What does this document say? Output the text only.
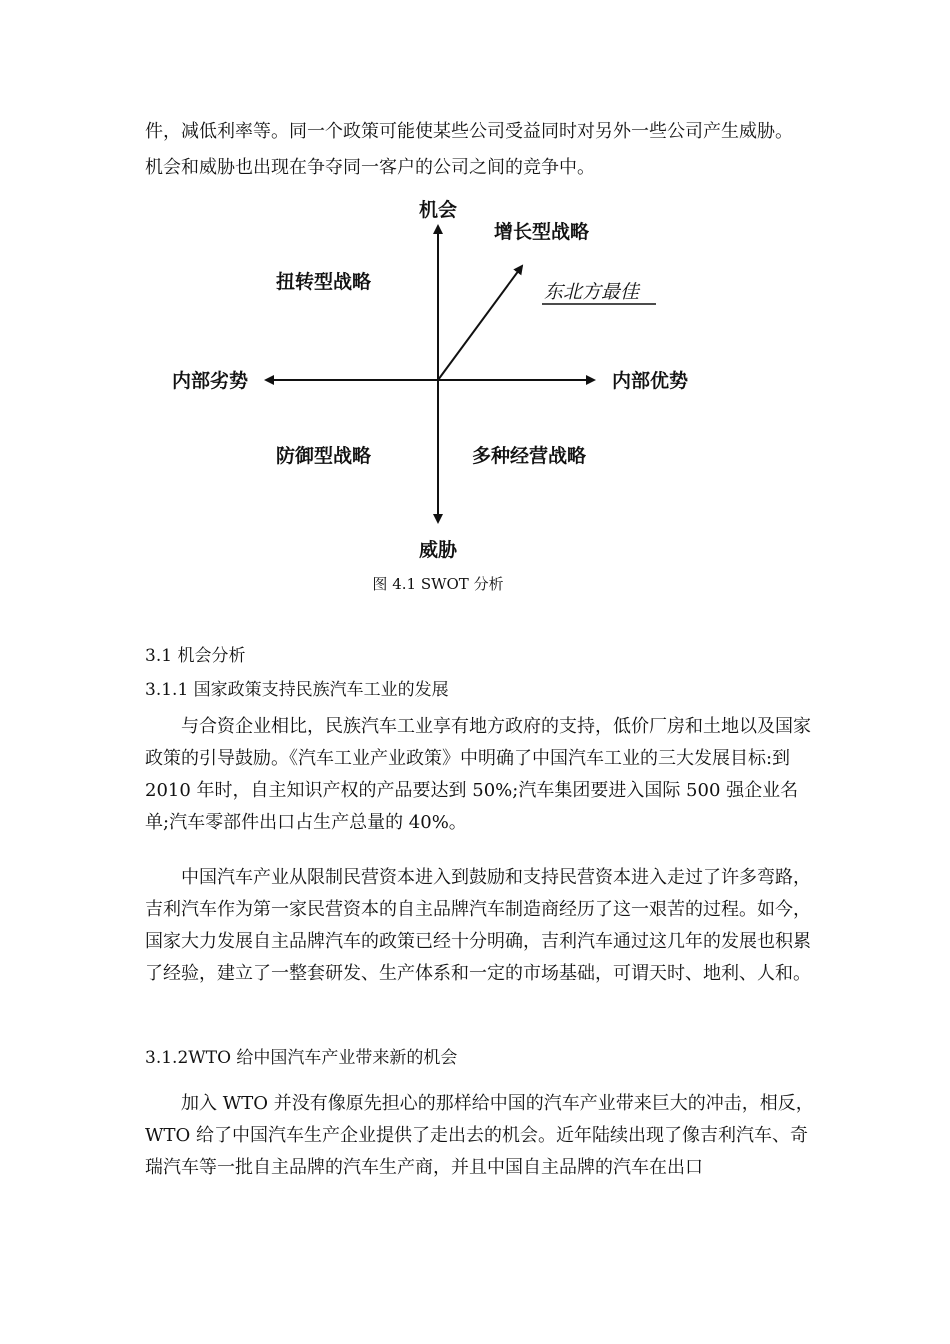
件，减低利率等。同一个政策可能使某些公司受益同时对另外一些公司产生威胁。

机会和威胁也出现在争夺同一客户的公司之间的竞争中。

机会
威胁
内部劣势	内部优势
扭转型战略
增长型战略
防御型战略	多种经营战略
东北方最佳
图 4.1 SWOT 分析

3.1 机会分析

3.1.1 国家政策支持民族汽车工业的发展

与合资企业相比，民族汽车工业享有地方政府的支持，低价厂房和土地以及国家政策的引导鼓励。《汽车工业产业政策》中明确了中国汽车工业的三大发展目标:到 2010 年时，自主知识产权的产品要达到 50%;汽车集团要进入国际 500 强企业名单;汽车零部件出口占生产总量的 40%。

中国汽车产业从限制民营资本进入到鼓励和支持民营资本进入走过了许多弯路，吉利汽车作为第一家民营资本的自主品牌汽车制造商经历了这一艰苦的过程。如今，国家大力发展自主品牌汽车的政策已经十分明确，吉利汽车通过这几年的发展也积累了经验，建立了一整套研发、生产体系和一定的市场基础，可谓天时、地利、人和。

3.1.2WTO 给中国汽车产业带来新的机会

加入 WTO 并没有像原先担心的那样给中国的汽车产业带来巨大的冲击，相反，WTO 给了中国汽车生产企业提供了走出去的机会。近年陆续出现了像吉利汽车、奇瑞汽车等一批自主品牌的汽车生产商，并且中国自主品牌的汽车在出口
